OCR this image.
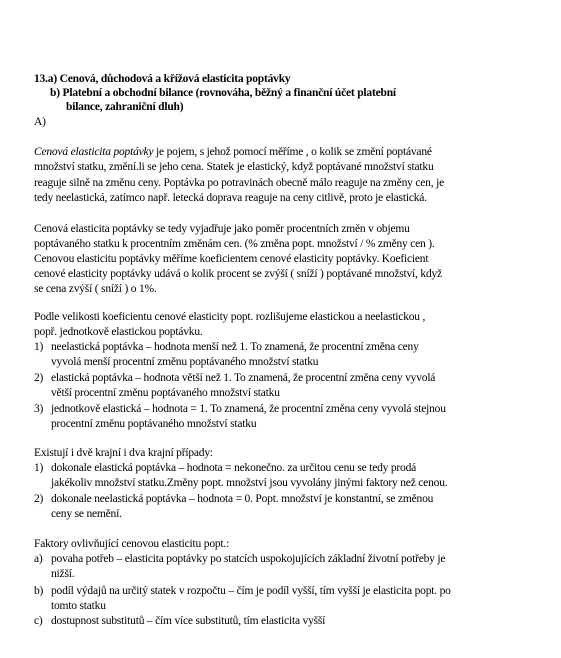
13.a) Cenová, důchodová a křížová elasticita poptávky
b) Platební a obchodní bilance (rovnováha, běžný a finanční účet platební
bilance, zahraniční dluh)
A)
Cenová elasticita poptávky je pojem, s jehož pomocí měříme , o kolik se změní poptávané
množství statku, změní.li se jeho cena. Statek je elastický, když poptávané množství statku
reaguje silně na změnu ceny. Poptávka po potravinách obecně málo reaguje na změny cen, je
tedy neelastická, zatímco např. letecká doprava reaguje na ceny citlivě, proto je elastická.
Cenová elasticita poptávky se tedy vyjadřuje jako poměr procentních změn v objemu
poptávaného statku k procentním změnám cen. (% změna popt. množství / % změny cen ).
Cenovou elasticitu poptávky měříme koeficientem cenové elasticity poptávky. Koeficient
cenové elasticity poptávky udává o kolik procent se zvýší ( sníží ) poptávané množství, když
se cena zvýší ( sníží ) o 1%.
Podle velikosti koeficientu cenové elasticity popt. rozlišujeme elastickou a neelastickou ,
popř. jednotkově elastickou poptávku.
1) neelastická poptávka – hodnota menší než 1. To znamená, že procentní změna ceny
vyvolá menší procentní změnu poptávaného množství statku
2) elastická poptávka – hodnota větší než 1. To znamená, že procentní změna ceny vyvolá
větší procentní změnu poptávaného množství statku
3) jednotkově elastická – hodnota = 1. To znamená, že procentní změna ceny vyvolá stejnou
procentní změnu poptávaného množství statku
Existují i dvě krajní i dva krajní případy:
1) dokonale elastická poptávka – hodnota = nekonečno. za určitou cenu se tedy prodá
jakékoliv množství statku.Změny popt. množství jsou vyvolány jinými faktory než cenou.
2) dokonale neelastická poptávka – hodnota = 0. Popt. množství je konstantní, se změnou
ceny se nemění.
Faktory ovlivňující cenovou elasticitu popt.:
a) povaha potřeb – elasticita poptávky po statcích uspokojujících základní životní potřeby je
nižší.
b) podíl výdajů na určitý statek v rozpočtu – čím je podíl vyšší, tím vyšší je elasticita popt. po
tomto statku
c) dostupnost substitutů – čím více substitutů, tím elasticita vyšší
